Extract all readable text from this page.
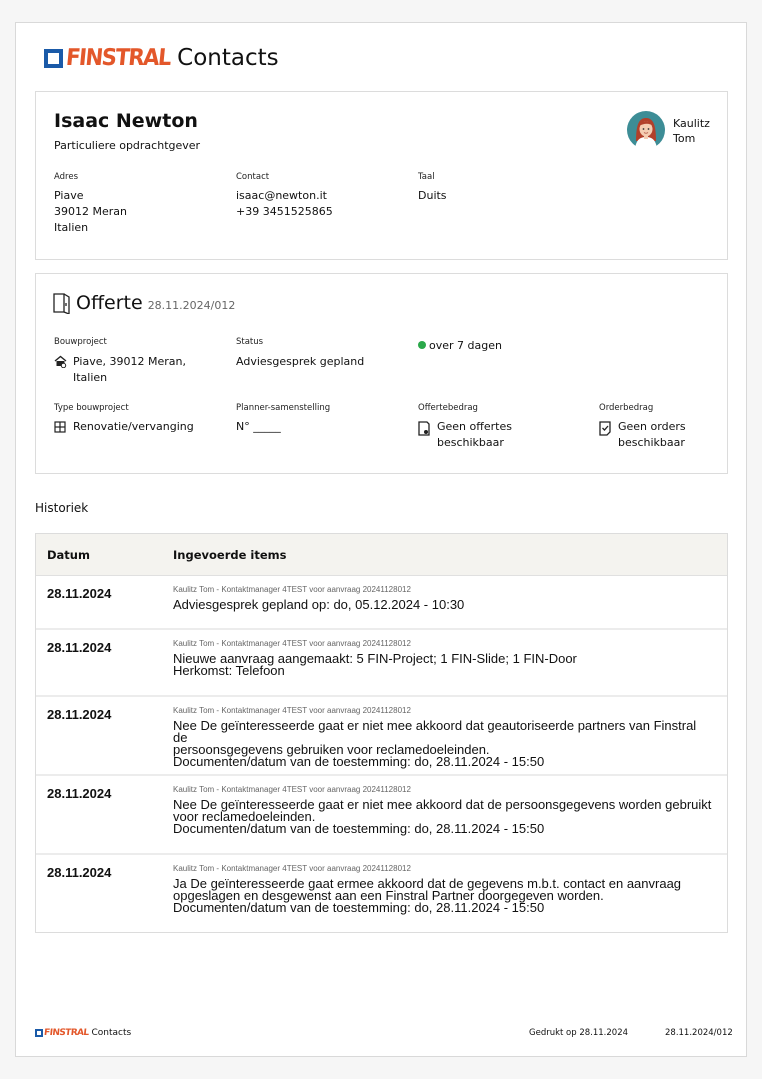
FINSTRAL Contacts
Isaac Newton
Particuliere opdrachtgever
Kaulitz
Tom
Adres
Piave
39012 Meran
Italien
Contact
isaac@newton.it
+39 3451525865
Taal
Duits
Offerte 28.11.2024/012
Bouwproject
Piave, 39012 Meran,
Italien
Status
Adviesgesprek gepland
over 7 dagen
Type bouwproject
Renovatie/vervanging
Planner-samenstelling
N° _____
Offertebedrag
Geen offertes
beschikbaar
Orderbedrag
Geen orders
beschikbaar
Historiek
Datum	Ingevoerde items
28.11.2024	Kaulitz Tom - Kontaktmanager 4TEST voor aanvraag 20241128012
Adviesgesprek gepland op: do, 05.12.2024 - 10:30
28.11.2024	Kaulitz Tom - Kontaktmanager 4TEST voor aanvraag 20241128012
Nieuwe aanvraag aangemaakt: 5 FIN-Project; 1 FIN-Slide; 1 FIN-Door
Herkomst: Telefoon
28.11.2024	Kaulitz Tom - Kontaktmanager 4TEST voor aanvraag 20241128012
Nee De geïnteresseerde gaat er niet mee akkoord dat geautoriseerde partners van Finstral de
persoonsgegevens gebruiken voor reclamedoeleinden.
Documenten/datum van de toestemming: do, 28.11.2024 - 15:50
28.11.2024	Kaulitz Tom - Kontaktmanager 4TEST voor aanvraag 20241128012
Nee De geïnteresseerde gaat er niet mee akkoord dat de persoonsgegevens worden gebruikt
voor reclamedoeleinden.
Documenten/datum van de toestemming: do, 28.11.2024 - 15:50
28.11.2024	Kaulitz Tom - Kontaktmanager 4TEST voor aanvraag 20241128012
Ja De geïnteresseerde gaat ermee akkoord dat de gegevens m.b.t. contact en aanvraag
opgeslagen en desgewenst aan een Finstral Partner doorgegeven worden.
Documenten/datum van de toestemming: do, 28.11.2024 - 15:50
FINSTRAL Contacts	Gedrukt op 28.11.2024	28.11.2024/012
